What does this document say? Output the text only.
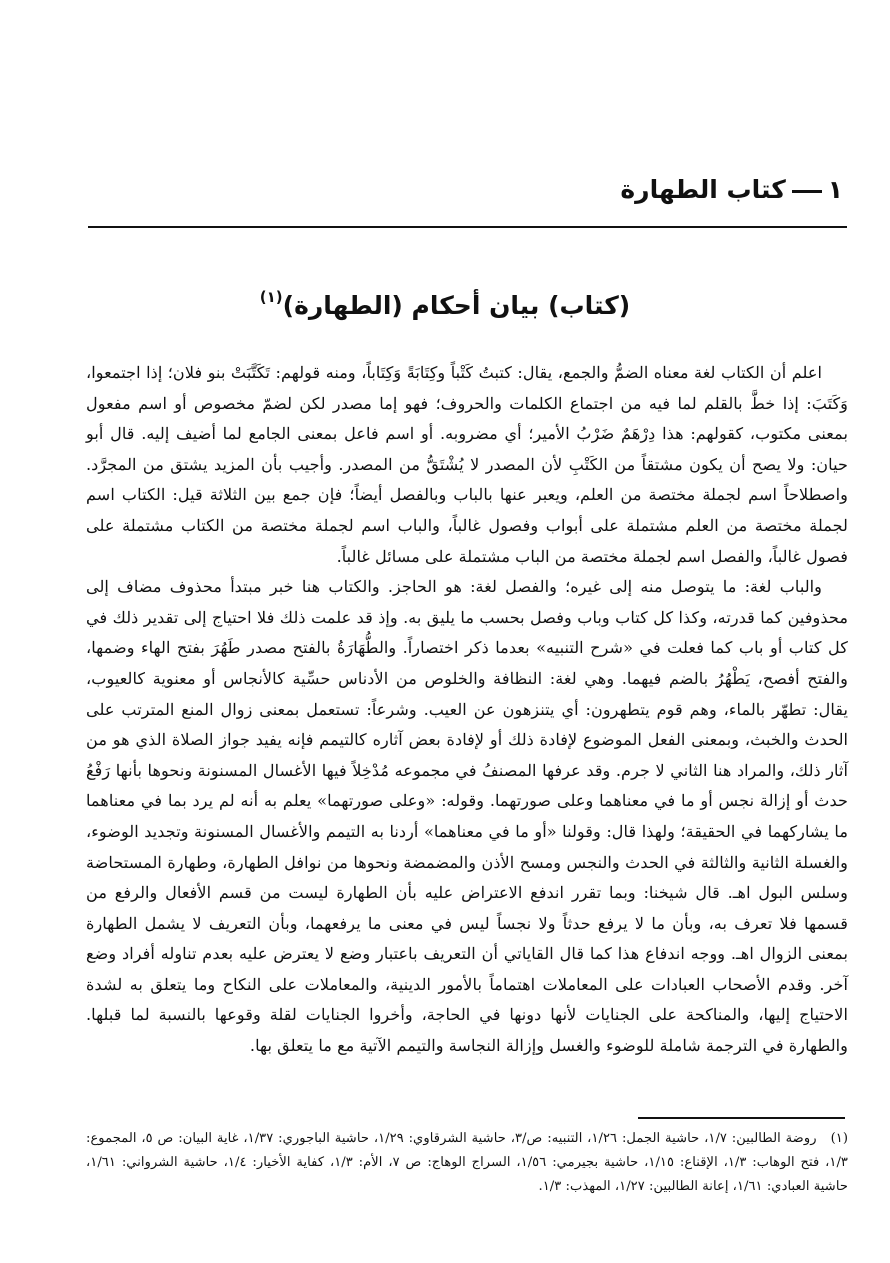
١كتاب الطهارة
(كتاب) بيان أحكام (الطهارة)$^{(١)}$

اعلم أن الكتاب لغة معناه الضمُّ والجمع، يقال: كتبتُ كَتْباً وكِتَابَةً وَكِتَاباً، ومنه قولهم: تَكَتَّبَتْ بنو فلان؛ إذا اجتمعوا، وَكَتَبَ: إذا خطَّ بالقلم لما فيه من اجتماع الكلمات والحروف؛ فهو إما مصدر لكن لضمّ مخصوص أو اسم مفعول بمعنى مكتوب، كقولهم: هذا دِرْهَمٌ ضَرْبُ الأمير؛ أي مضروبه. أو اسم فاعل بمعنى الجامع لما أضيف إليه. قال أبو حيان: ولا يصح أن يكون مشتقاً من الكَتْبِ لأن المصدر لا يُشْتَقُّ من المصدر. وأجيب بأن المزيد يشتق من المجرَّد. واصطلاحاً اسم لجملة مختصة من العلم، ويعبر عنها بالباب وبالفصل أيضاً؛ فإن جمع بين الثلاثة قيل: الكتاب اسم لجملة مختصة من العلم مشتملة على أبواب وفصول غالباً، والباب اسم لجملة مختصة من الكتاب مشتملة على فصول غالباً، والفصل اسم لجملة مختصة من الباب مشتملة على مسائل غالباً.

والباب لغة: ما يتوصل منه إلى غيره؛ والفصل لغة: هو الحاجز. والكتاب هنا خبر مبتدأ محذوف مضاف إلى محذوفين كما قدرته، وكذا كل كتاب وباب وفصل بحسب ما يليق به. وإذ قد علمت ذلك فلا احتياج إلى تقدير ذلك في كل كتاب أو باب كما فعلت في «شرح التنبيه» بعدما ذكر اختصاراً. والطُّهَارَةُ بالفتح مصدر طَهُرَ بفتح الهاء وضمها، والفتح أفصح، يَطْهُرُ بالضم فيهما. وهي لغة: النظافة والخلوص من الأدناس حسِّية كالأنجاس أو معنوية كالعيوب، يقال: تطهّر بالماء، وهم قوم يتطهرون: أي يتنزهون عن العيب. وشرعاً: تستعمل بمعنى زوال المنع المترتب على الحدث والخبث، وبمعنى الفعل الموضوع لإفادة ذلك أو لإفادة بعض آثاره كالتيمم فإنه يفيد جواز الصلاة الذي هو من آثار ذلك، والمراد هنا الثاني لا جرم. وقد عرفها المصنفُ في مجموعه مُدْخِلاً فيها الأغسال المسنونة ونحوها بأنها رَفْعُ حدث أو إزالة نجس أو ما في معناهما وعلى صورتهما. وقوله: «وعلى صورتهما» يعلم به أنه لم يرد بما في معناهما ما يشاركهما في الحقيقة؛ ولهذا قال: وقولنا «أو ما في معناهما» أردنا به التيمم والأغسال المسنونة وتجديد الوضوء، والغسلة الثانية والثالثة في الحدث والنجس ومسح الأذن والمضمضة ونحوها من نوافل الطهارة، وطهارة المستحاضة وسلس البول اهـ. قال شيخنا: وبما تقرر اندفع الاعتراض عليه بأن الطهارة ليست من قسم الأفعال والرفع من قسمها فلا تعرف به، وبأن ما لا يرفع حدثاً ولا نجساً ليس في معنى ما يرفعهما، وبأن التعريف لا يشمل الطهارة بمعنى الزوال اهـ. ووجه اندفاع هذا كما قال القاياتي أن التعريف باعتبار وضع لا يعترض عليه بعدم تناوله أفراد وضع آخر. وقدم الأصحاب العبادات على المعاملات اهتماماً بالأمور الدينية، والمعاملات على النكاح وما يتعلق به لشدة الاحتياج إليها، والمناكحة على الجنايات لأنها دونها في الحاجة، وأخروا الجنايات لقلة وقوعها بالنسبة لما قبلها. والطهارة في الترجمة شاملة للوضوء والغسل وإزالة النجاسة والتيمم الآتية مع ما يتعلق بها.

(١)روضة الطالبين: ١/٧، حاشية الجمل: ١/٢٦، التنبيه: ص/٣، حاشية الشرقاوي: ١/٢٩، حاشية الباجوري: ١/٣٧، غاية البيان: ص ٥، المجموع: ١/٣، فتح الوهاب: ١/٣، الإقناع: ١/١٥، حاشية بجيرمي: ١/٥٦، السراج الوهاج: ص ٧، الأم: ١/٣، كفاية الأخيار: ١/٤، حاشية الشرواني: ١/٦١، حاشية العبادي: ١/٦١، إعانة الطالبين: ١/٢٧، المهذب: ١/٣.
